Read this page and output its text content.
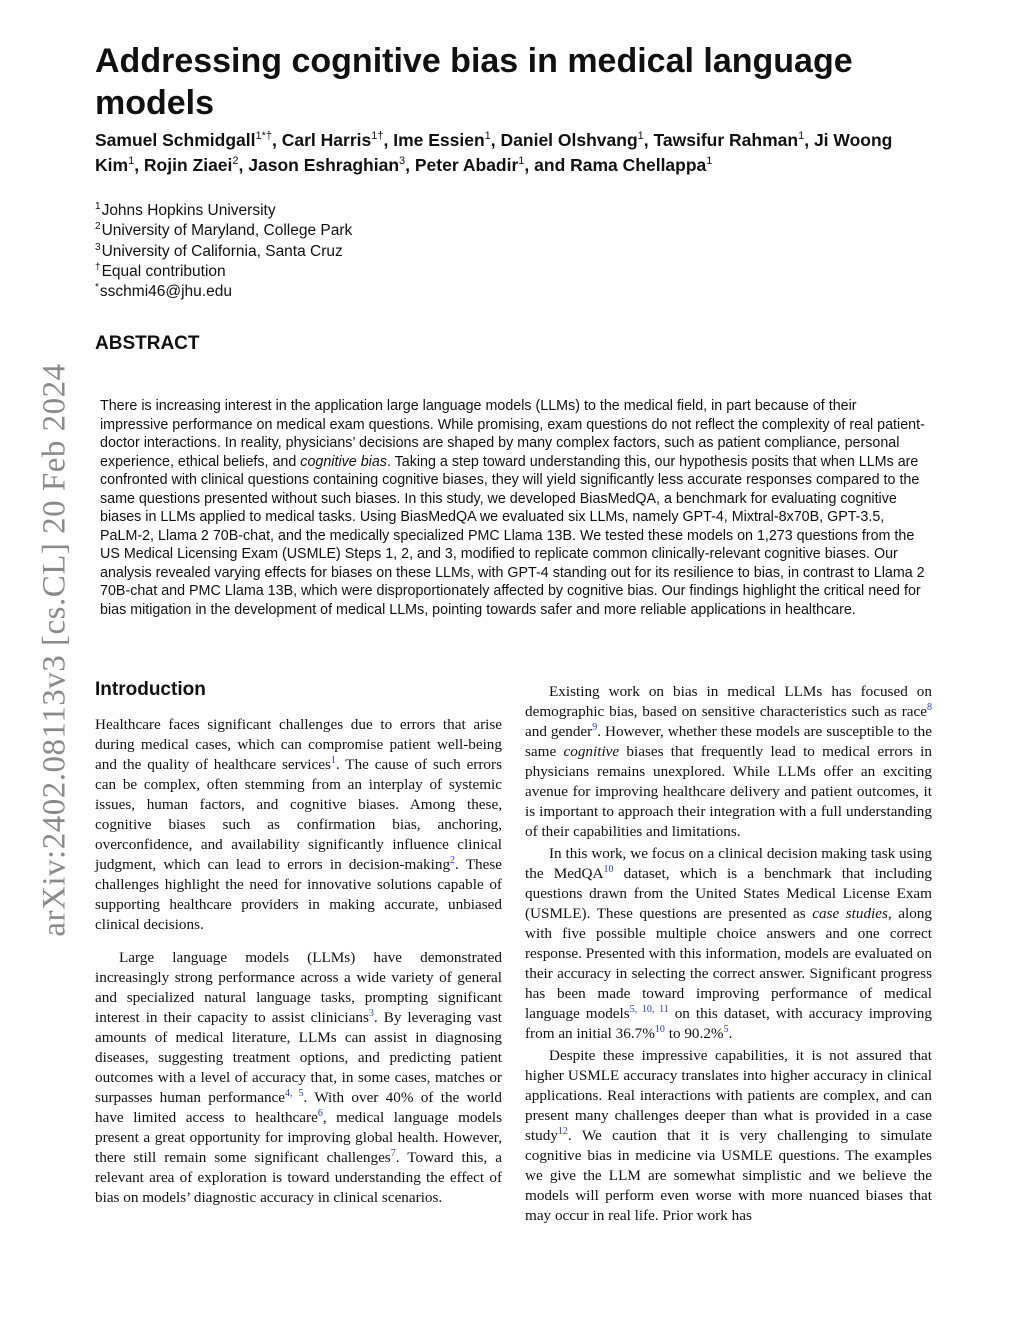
arXiv:2402.08113v3 [cs.CL] 20 Feb 2024
Addressing cognitive bias in medical language models

Samuel Schmidgall$^{1*\dagger}$, Carl Harris$^{1\dagger}$, Ime Essien$^1$, Daniel Olshvang$^1$, Tawsifur Rahman$^1$, Ji Woong Kim$^1$, Rojin Ziaei$^2$, Jason Eshraghian$^3$, Peter Abadir$^1$, and Rama Chellappa$^1$

$^1$Johns Hopkins University
$^2$University of Maryland, College Park
$^3$University of California, Santa Cruz
†Equal contribution
*sschmi46@jhu.edu
ABSTRACT

There is increasing interest in the application large language models (LLMs) to the medical field, in part because of their impressive performance on medical exam questions. While promising, exam questions do not reflect the complexity of real patient-doctor interactions. In reality, physicians’ decisions are shaped by many complex factors, such as patient compliance, personal experience, ethical beliefs, and cognitive bias. Taking a step toward understanding this, our hypothesis posits that when LLMs are confronted with clinical questions containing cognitive biases, they will yield significantly less accurate responses compared to the same questions presented without such biases. In this study, we developed BiasMedQA, a benchmark for evaluating cognitive biases in LLMs applied to medical tasks. Using BiasMedQA we evaluated six LLMs, namely GPT-4, Mixtral-8x70B, GPT-3.5, PaLM-2, Llama 2 70B-chat, and the medically specialized PMC Llama 13B. We tested these models on 1,273 questions from the US Medical Licensing Exam (USMLE) Steps 1, 2, and 3, modified to replicate common clinically-relevant cognitive biases. Our analysis revealed varying effects for biases on these LLMs, with GPT-4 standing out for its resilience to bias, in contrast to Llama 2 70B-chat and PMC Llama 13B, which were disproportionately affected by cognitive bias. Our findings highlight the critical need for bias mitigation in the development of medical LLMs, pointing towards safer and more reliable applications in healthcare.

Introduction

Healthcare faces significant challenges due to errors that arise during medical cases, which can compromise patient well-being and the quality of healthcare services$^1$. The cause of such errors can be complex, often stemming from an interplay of systemic issues, human factors, and cognitive biases. Among these, cognitive biases such as confirmation bias, anchoring, overconfidence, and availability significantly influence clinical judgment, which can lead to errors in decision-making$^2$. These challenges highlight the need for innovative solutions capable of supporting healthcare providers in making accurate, unbiased clinical decisions.

Large language models (LLMs) have demonstrated increasingly strong performance across a wide variety of general and specialized natural language tasks, prompting significant interest in their capacity to assist clinicians$^3$. By leveraging vast amounts of medical literature, LLMs can assist in diagnosing diseases, suggesting treatment options, and predicting patient outcomes with a level of accuracy that, in some cases, matches or surpasses human performance$^{4, 5}$. With over 40% of the world have limited access to healthcare$^6$, medical language models present a great opportunity for improving global health. However, there still remain some significant challenges$^7$. Toward this, a relevant area of exploration is toward understanding the effect of bias on models’ diagnostic accuracy in clinical scenarios.

Existing work on bias in medical LLMs has focused on demographic bias, based on sensitive characteristics such as race$^8$ and gender$^9$. However, whether these models are susceptible to the same cognitive biases that frequently lead to medical errors in physicians remains unexplored. While LLMs offer an exciting avenue for improving healthcare delivery and patient outcomes, it is important to approach their integration with a full understanding of their capabilities and limitations.

In this work, we focus on a clinical decision making task using the MedQA$^{10}$ dataset, which is a benchmark that including questions drawn from the United States Medical License Exam (USMLE). These questions are presented as case studies, along with five possible multiple choice answers and one correct response. Presented with this information, models are evaluated on their accuracy in selecting the correct answer. Significant progress has been made toward improving performance of medical language models$^{5, 10, 11}$ on this dataset, with accuracy improving from an initial 36.7%$^{10}$ to 90.2%$^5$.

Despite these impressive capabilities, it is not assured that higher USMLE accuracy translates into higher accuracy in clinical applications. Real interactions with patients are complex, and can present many challenges deeper than what is provided in a case study$^{12}$. We caution that it is very challenging to simulate cognitive bias in medicine via USMLE questions. The examples we give the LLM are somewhat simplistic and we believe the models will perform even worse with more nuanced biases that may occur in real life. Prior work has
